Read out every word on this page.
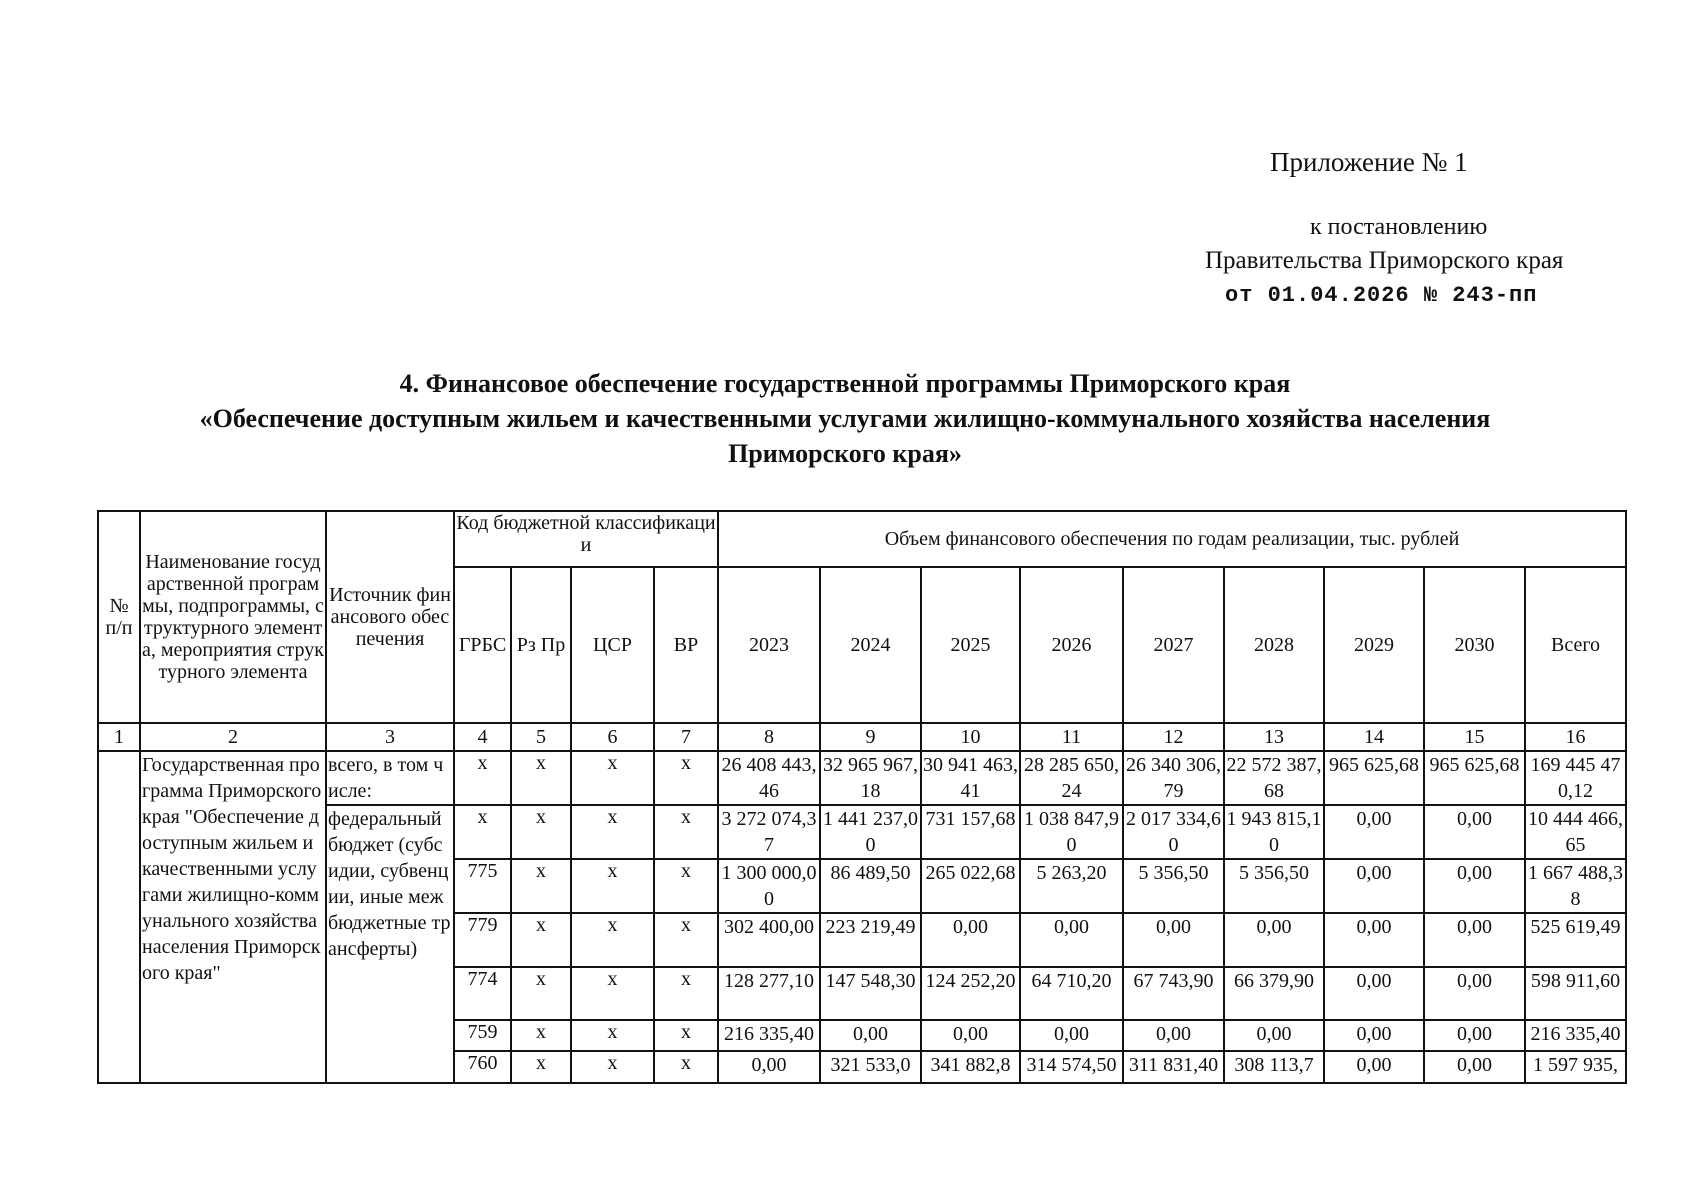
Приложение № 1
к постановлению
Правительства Приморского края
от 01.04.2026 № 243-пп
4. Финансовое обеспечение государственной программы Приморского края
«Обеспечение доступным жильем и качественными услугами жилищно-коммунального хозяйства населения
Приморского края»
№ п/п	Наименование государственной программы, подпрограммы, структурного элемента, мероприятия структурного элемента	Источник финансового обеспечения	Код бюджетной классификации				Объем финансового обеспечения по годам реализации, тыс. рублей								
			ГРБС	Рз Пр	ЦСР	ВР	2023	2024	2025	2026	2027	2028	2029	2030	Всего
1	2	3	4	5	6	7	8	9	10	11	12	13	14	15	16
	Государственная программа Приморского края "Обеспечение доступным жильем и качественными услугами жилищно-коммунального хозяйства населения Приморского края"	всего, в том числе:	х	х	х	х	26 408 443,46	32 965 967,18	30 941 463,41	28 285 650,24	26 340 306,79	22 572 387,68	965 625,68	965 625,68	169 445 470,12
		федеральный бюджет (субсидии, субвенции, иные межбюджетные трансферты)	х	х	х	х	3 272 074,37	1 441 237,00	731 157,68	1 038 847,90	2 017 334,60	1 943 815,10	0,00	0,00	10 444 466,65
			775	х	х	х	1 300 000,00	86 489,50	265 022,68	5 263,20	5 356,50	5 356,50	0,00	0,00	1 667 488,38
			779	х	х	х	302 400,00	223 219,49	0,00	0,00	0,00	0,00	0,00	0,00	525 619,49
			774	х	х	х	128 277,10	147 548,30	124 252,20	64 710,20	67 743,90	66 379,90	0,00	0,00	598 911,60
			759	х	х	х	216 335,40	0,00	0,00	0,00	0,00	0,00	0,00	0,00	216 335,40
			760	х	х	х	0,00	321 533,0	341 882,8	314 574,50	311 831,40	308 113,7	0,00	0,00	1 597 935,
